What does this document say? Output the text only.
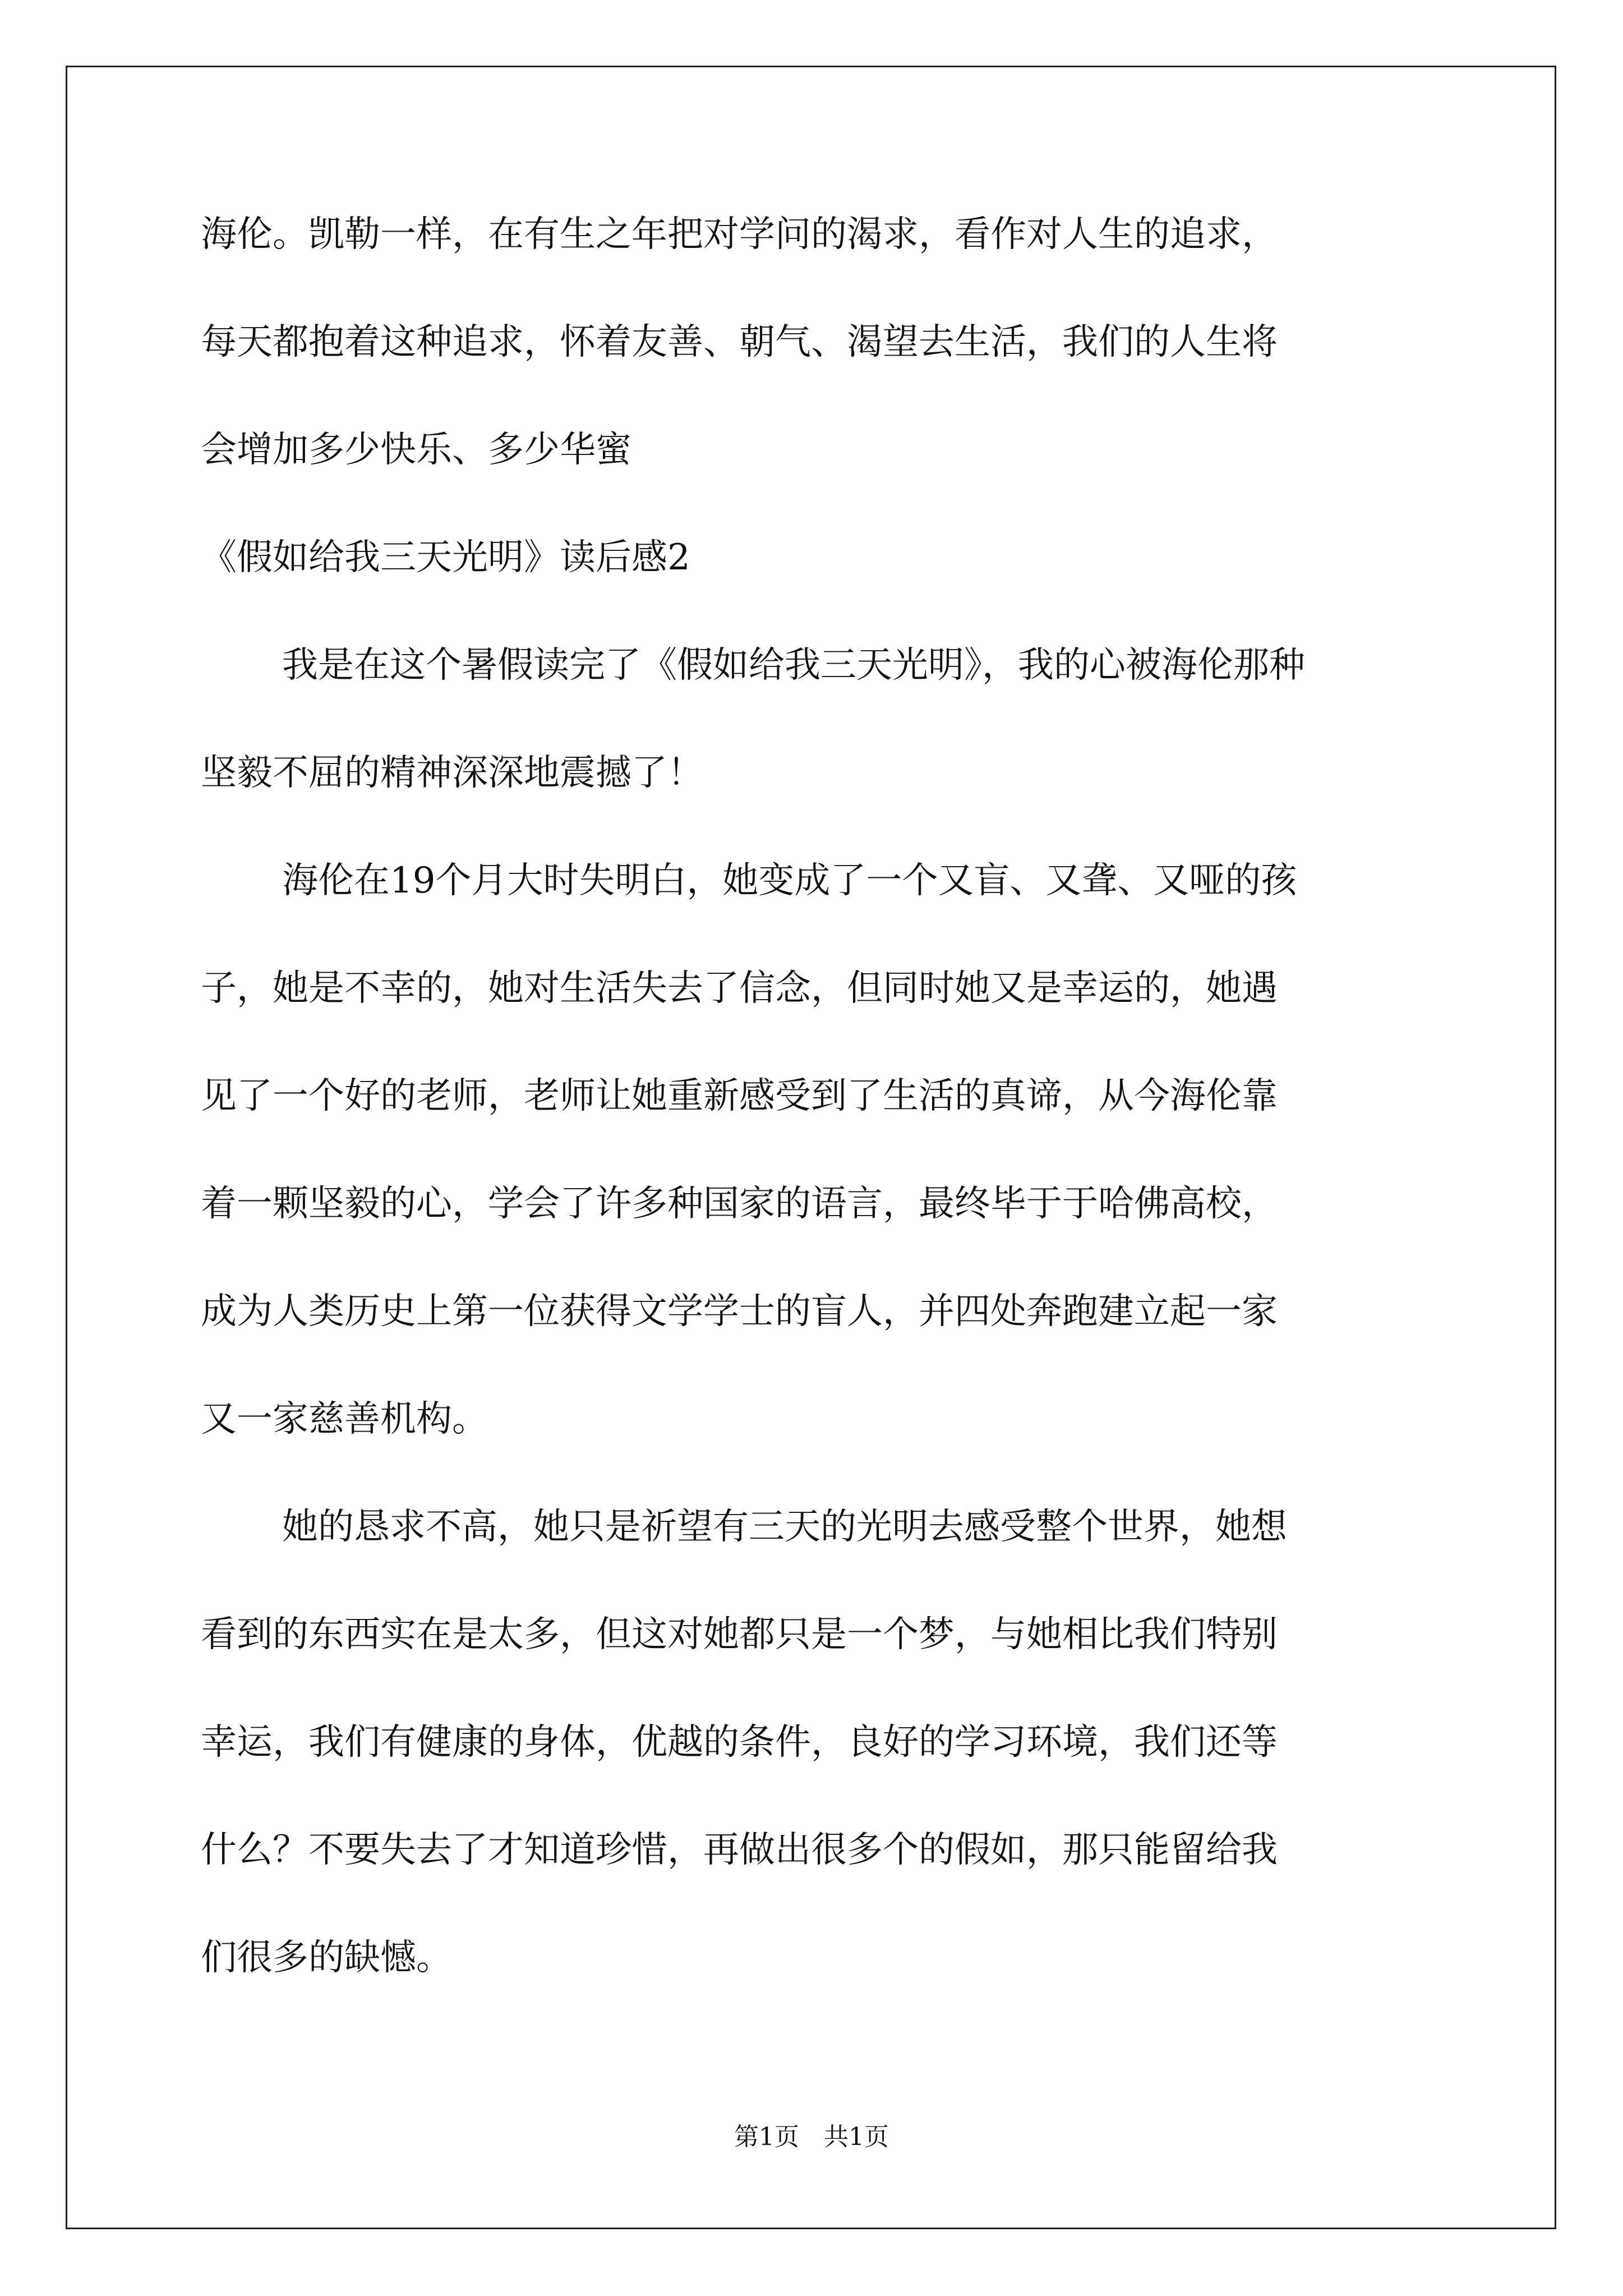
海伦。凯勒一样，在有生之年把对学问的渴求，看作对人生的追求，
每天都抱着这种追求，怀着友善、朝气、渴望去生活，我们的人生将
会增加多少快乐、多少华蜜
《假如给我三天光明》读后感2
我是在这个暑假读完了《假如给我三天光明》，我的心被海伦那种
坚毅不屈的精神深深地震撼了！
海伦在19个月大时失明白，她变成了一个又盲、又聋、又哑的孩
子，她是不幸的，她对生活失去了信念，但同时她又是幸运的，她遇
见了一个好的老师，老师让她重新感受到了生活的真谛，从今海伦靠
着一颗坚毅的心，学会了许多种国家的语言，最终毕于于哈佛高校，
成为人类历史上第一位获得文学学士的盲人，并四处奔跑建立起一家
又一家慈善机构。
她的恳求不高，她只是祈望有三天的光明去感受整个世界，她想
看到的东西实在是太多，但这对她都只是一个梦，与她相比我们特别
幸运，我们有健康的身体，优越的条件，良好的学习环境，我们还等
什么？不要失去了才知道珍惜，再做出很多个的假如，那只能留给我
们很多的缺憾。
第1页 共1页
